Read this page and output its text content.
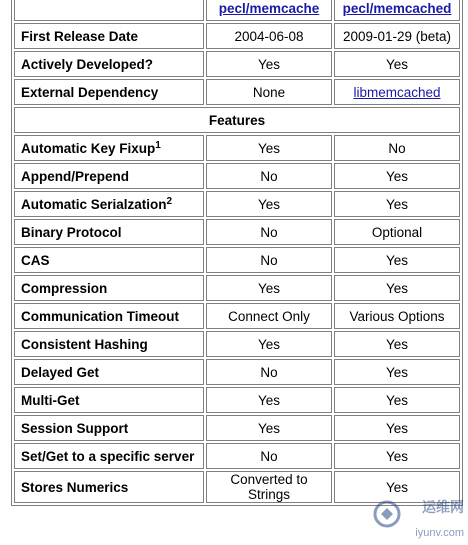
	pecl/memcache	pecl/memcached
First Release Date	2004-06-08	2009-01-29 (beta)
Actively Developed?	Yes	Yes
External Dependency	None	libmemcached
Features		
Automatic Key Fixup$^1$	Yes	No
Append/Prepend	No	Yes
Automatic Serialzation$^2$	Yes	Yes
Binary Protocol	No	Optional
CAS	No	Yes
Compression	Yes	Yes
Communication Timeout	Connect Only	Various Options
Consistent Hashing	Yes	Yes
Delayed Get	No	Yes
Multi-Get	Yes	Yes
Session Support	Yes	Yes
Set/Get to a specific server	No	Yes
Stores Numerics	Converted to Strings	Yes
运维网
iyunv.com
